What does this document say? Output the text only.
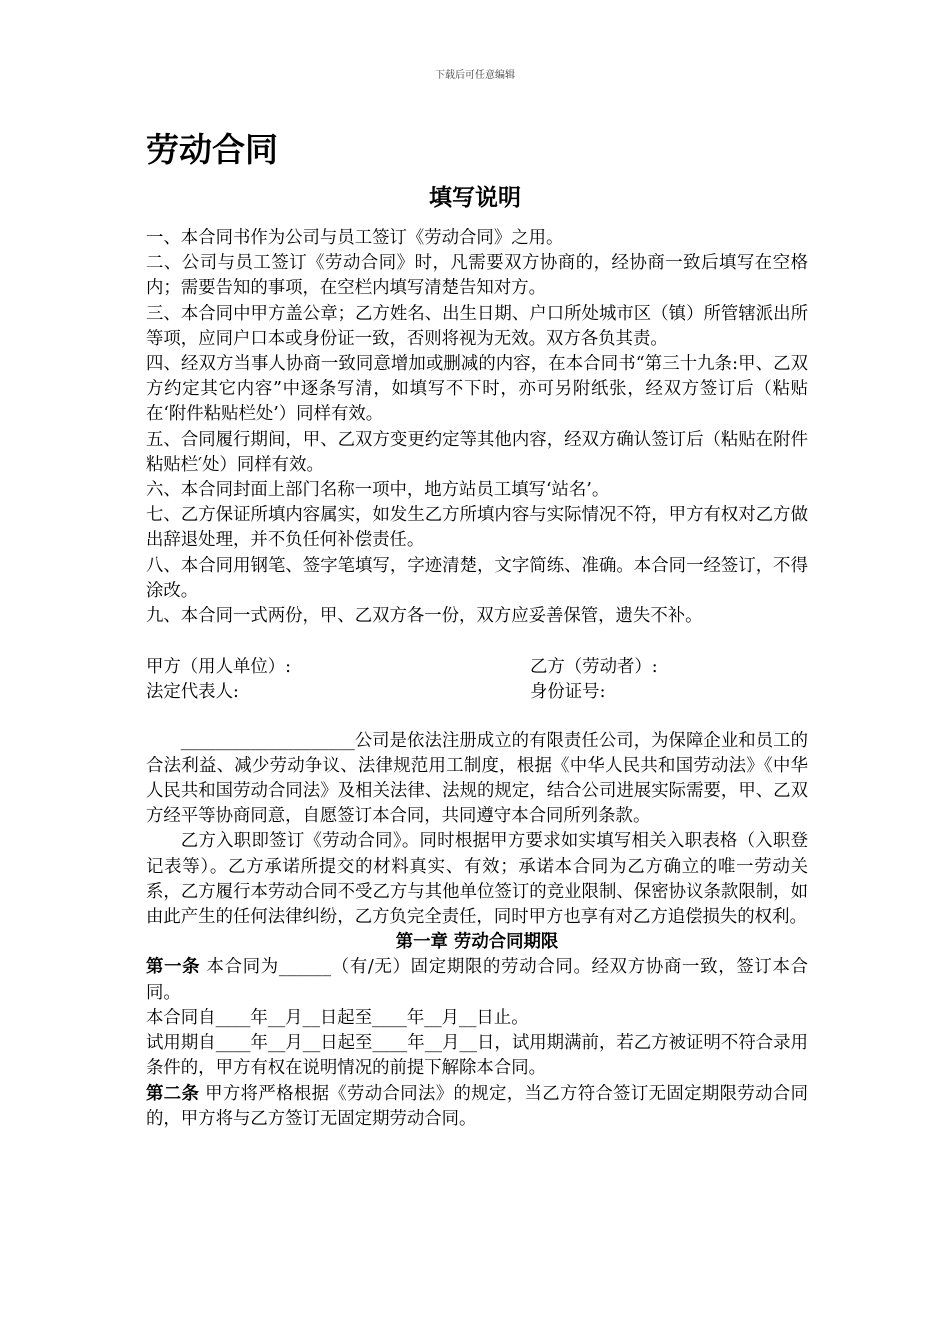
下载后可任意编辑
劳动合同
填写说明

一、本合同书作为公司与员工签订《劳动合同》之用。

二、公司与员工签订《劳动合同》时，凡需要双方协商的，经协商一致后填写在空格内；需要告知的事项，在空栏内填写清楚告知对方。

三、本合同中甲方盖公章；乙方姓名、出生日期、户口所处城市区（镇）所管辖派出所等项，应同户口本或身份证一致，否则将视为无效。双方各负其责。

四、经双方当事人协商一致同意增加或删减的内容，在本合同书“第三十九条:甲、乙双方约定其它内容”中逐条写清，如填写不下时，亦可另附纸张，经双方签订后（粘贴在‘附件粘贴栏处’）同样有效。

五、合同履行期间，甲、乙双方变更约定等其他内容，经双方确认签订后（粘贴在附件粘贴栏′处）同样有效。

六、本合同封面上部门名称一项中，地方站员工填写‘站名’。

七、乙方保证所填内容属实，如发生乙方所填内容与实际情况不符，甲方有权对乙方做出辞退处理，并不负任何补偿责任。

八、本合同用钢笔、签字笔填写，字迹清楚，文字简练、准确。本合同一经签订，不得涂改。

九、本合同一式两份，甲、乙双方各一份，双方应妥善保管，遗失不补。

甲方（用人单位）:	乙方（劳动者）:
法定代表人:	身份证号:

____________________公司是依法注册成立的有限责任公司，为保障企业和员工的合法利益、减少劳动争议、法律规范用工制度，根据《中华人民共和国劳动法》《中华人民共和国劳动合同法》及相关法律、法规的规定，结合公司进展实际需要，甲、乙双方经平等协商同意，自愿签订本合同，共同遵守本合同所列条款。

乙方入职即签订《劳动合同》。同时根据甲方要求如实填写相关入职表格（入职登记表等）。乙方承诺所提交的材料真实、有效；承诺本合同为乙方确立的唯一劳动关系，乙方履行本劳动合同不受乙方与其他单位签订的竞业限制、保密协议条款限制，如由此产生的任何法律纠纷，乙方负完全责任，同时甲方也享有对乙方追偿损失的权利。

第一章 劳动合同期限

第一条 本合同为______（有/无）固定期限的劳动合同。经双方协商一致，签订本合同。

本合同自____年__月__日起至____年__月__日止。

试用期自____年__月__日起至____年__月__日，试用期满前，若乙方被证明不符合录用条件的，甲方有权在说明情况的前提下解除本合同。

第二条 甲方将严格根据《劳动合同法》的规定，当乙方符合签订无固定期限劳动合同的，甲方将与乙方签订无固定期劳动合同。
